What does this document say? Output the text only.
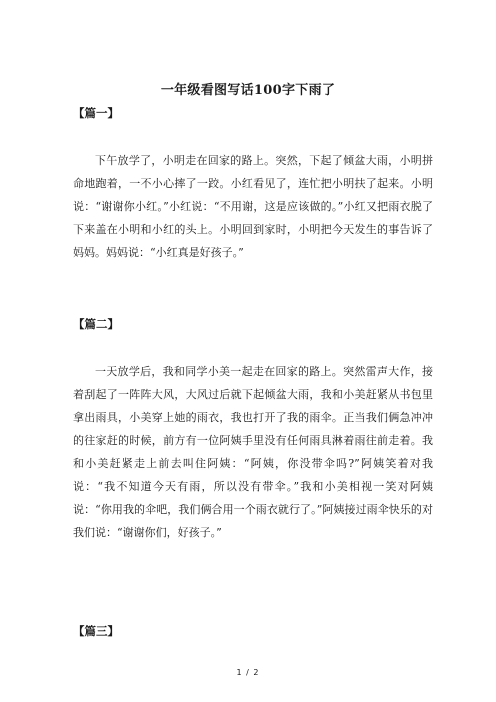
一年级看图写话100字下雨了
【篇一】

下午放学了，小明走在回家的路上。突然，下起了倾盆大雨，小明拼命地跑着，一不小心摔了一跤。小红看见了，连忙把小明扶了起来。小明说：“谢谢你小红。”小红说：“不用谢，这是应该做的。”小红又把雨衣脱了下来盖在小明和小红的头上。小明回到家时，小明把今天发生的事告诉了妈妈。妈妈说：“小红真是好孩子。”

【篇二】

一天放学后，我和同学小美一起走在回家的路上。突然雷声大作，接着刮起了一阵阵大风，大风过后就下起倾盆大雨，我和小美赶紧从书包里拿出雨具，小美穿上她的雨衣，我也打开了我的雨伞。正当我们俩急冲冲的往家赶的时候，前方有一位阿姨手里没有任何雨具淋着雨往前走着。我和小美赶紧走上前去叫住阿姨：“阿姨，你没带伞吗?”阿姨笑着对我说：“我不知道今天有雨，所以没有带伞。”我和小美相视一笑对阿姨说：“你用我的伞吧，我们俩合用一个雨衣就行了。”阿姨接过雨伞快乐的对我们说：“谢谢你们，好孩子。”

【篇三】
1 / 2
